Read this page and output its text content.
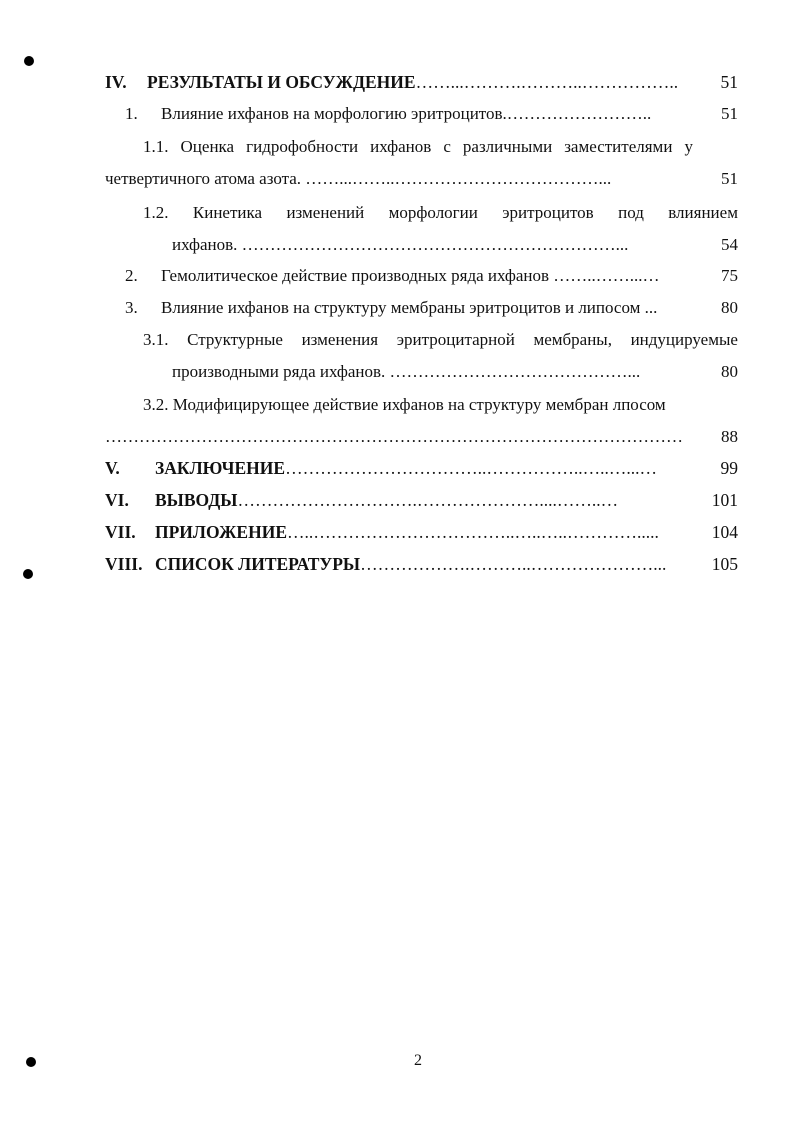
IV. РЕЗУЛЬТАТЫ И ОБСУЖДЕНИЕ……...……….………..…………….. 51
1. Влияние ихфанов на морфологию эритроцитов.……………………..	51
1.1. Оценка гидрофобности ихфанов с различными заместителями у
четвертичного атома азота. ……...……..………………………………...	51
1.2. Кинетика изменений морфологии эритроцитов под влиянием
ихфанов. …………………………………………………………...	54
2. Гемолитическое действие производных ряда ихфанов ……..……...…	75
3. Влияние ихфанов на структуру мембраны эритроцитов и липосом ...	80
3.1. Структурные изменения эритроцитарной мембраны, индуцируемые
производными ряда ихфанов. ……………………………………...	80
3.2. Модифицирующее действие ихфанов на структуру мембран лпосом
………………………………………………………………………………………… 88
V. ЗАКЛЮЧЕНИЕ……………………………..……………..…..…...…	99
VI. ВЫВОДЫ………………………….…………………....……..…	101
VII. ПРИЛОЖЕНИЕ…..……………………………..…..…..………….....	104
VIII. СПИСОК ЛИТЕРАТУРЫ……………….………..…………………...	105
2
